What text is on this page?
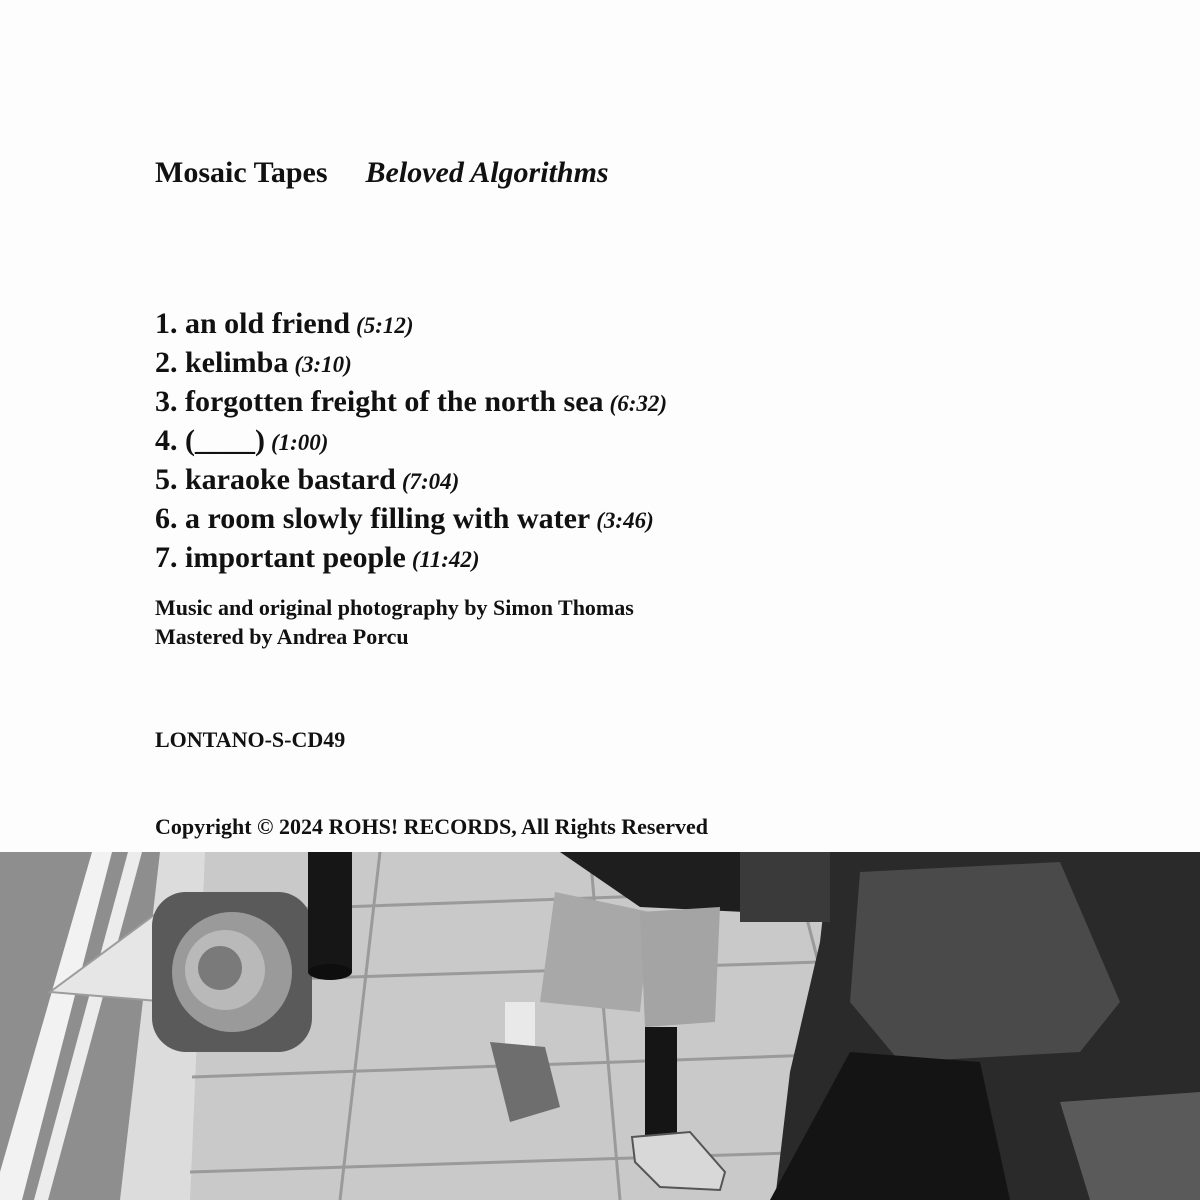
Mosaic Tapes Beloved Algorithms
1. an old friend (5:12)
2. kelimba (3:10)
3. forgotten freight of the north sea (6:32)
4. (____) (1:00)
5. karaoke bastard (7:04)
6. a room slowly filling with water (3:46)
7. important people (11:42)
Music and original photography by Simon Thomas
Mastered by Andrea Porcu
LONTANO-S-CD49
Copyright © 2024 ROHS! RECORDS, All Rights Reserved
